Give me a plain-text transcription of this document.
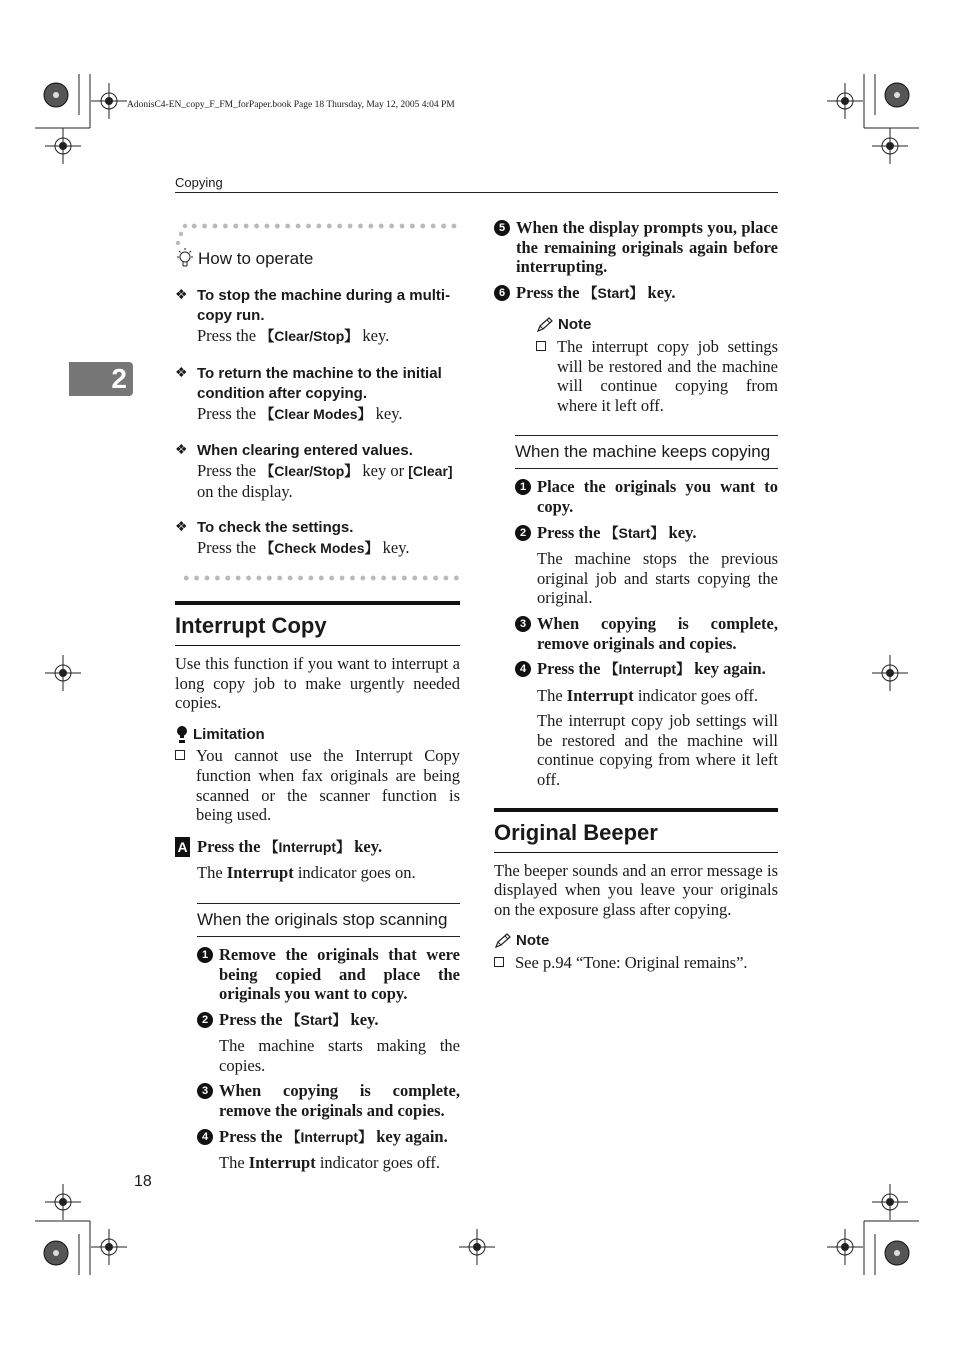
AdonisC4-EN_copy_F_FM_forPaper.book Page 18 Thursday, May 12, 2005 4:04 PM
Copying
2
18
How to operate
❖ To stop the machine during a multi-copy run.
Press the 【Clear/Stop】 key.
❖ To return the machine to the initial condition after copying.
Press the 【Clear Modes】 key.
❖ When clearing entered values.
Press the 【Clear/Stop】 key or [Clear] on the display.
❖ To check the settings.
Press the 【Check Modes】 key.
Interrupt Copy
Use this function if you want to interrupt a long copy job to make urgently needed copies.
Limitation
You cannot use the Interrupt Copy function when fax originals are being scanned or the scanner function is being used.
A Press the 【Interrupt】 key.
The Interrupt indicator goes on.
When the originals stop scanning
1 Remove the originals that were being copied and place the originals you want to copy.
2 Press the 【Start】 key.
The machine starts making the copies.
3 When copying is complete, remove the originals and copies.
4 Press the 【Interrupt】 key again.
The Interrupt indicator goes off.
5 When the display prompts you, place the remaining originals again before interrupting.
6 Press the 【Start】 key.
Note
The interrupt copy job settings will be restored and the machine will continue copying from where it left off.
When the machine keeps copying
1 Place the originals you want to copy.
2 Press the 【Start】 key.
The machine stops the previous original job and starts copying the original.
3 When copying is complete, remove originals and copies.
4 Press the 【Interrupt】 key again.
The Interrupt indicator goes off.
The interrupt copy job settings will be restored and the machine will continue copying from where it left off.
Original Beeper
The beeper sounds and an error message is displayed when you leave your originals on the exposure glass after copying.
Note
See p.94 “Tone: Original remains”.
